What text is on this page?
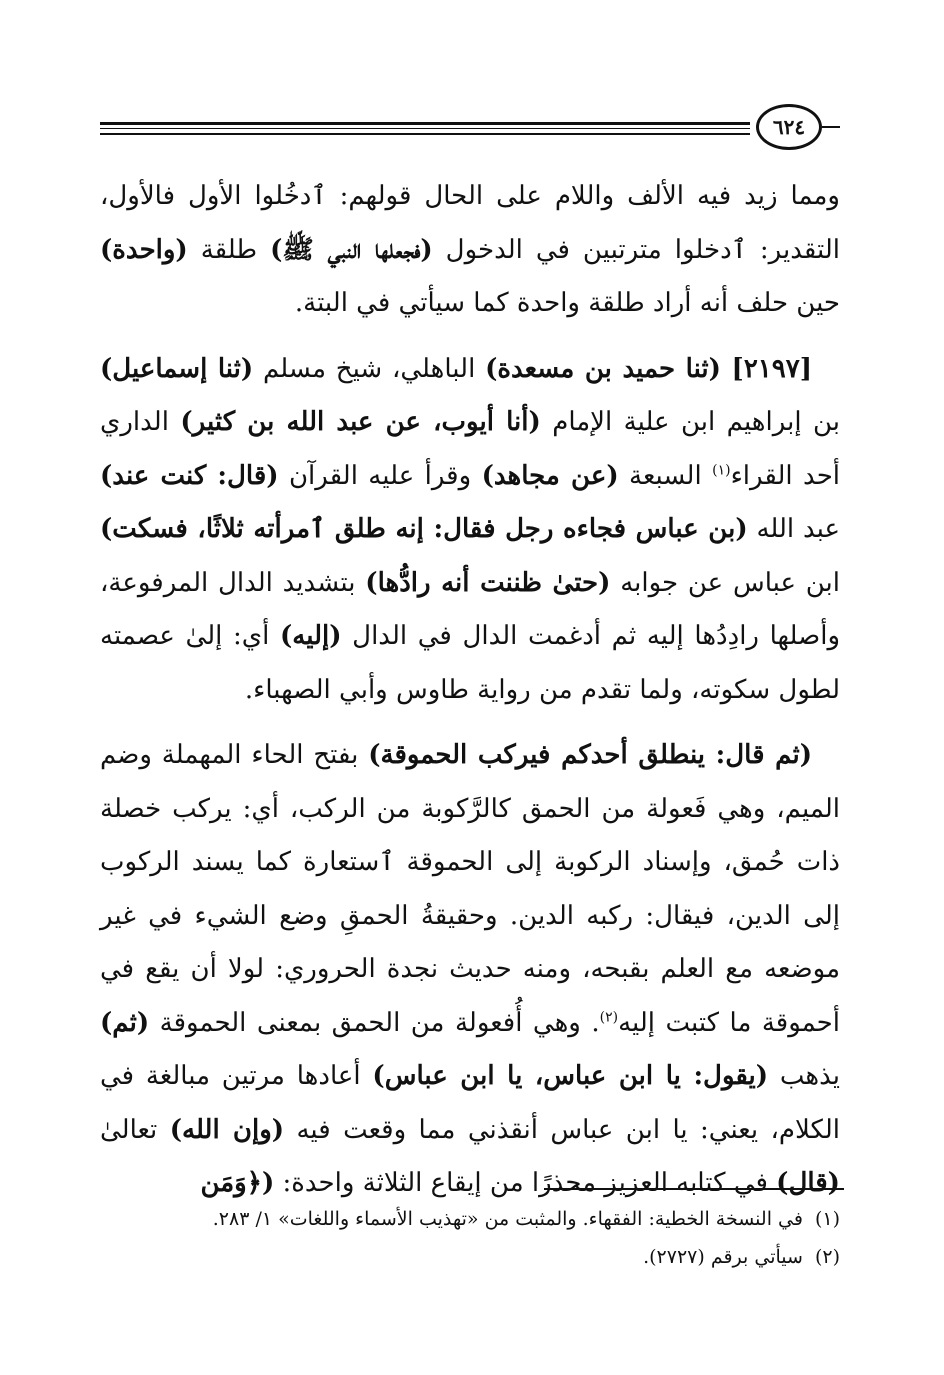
٦٢٤

ومما زيد فيه الألف واللام على الحال قولهم: ٱدخُلوا الأول فالأول، التقدير: ٱدخلوا مترتبين في الدخول (فجعلها النبي ﷺ) طلقة (واحدة) حين حلف أنه أراد طلقة واحدة كما سيأتي في البتة.

[٢١٩٧] (ثنا حميد بن مسعدة) الباهلي، شيخ مسلم (ثنا إسماعيل) بن إبراهيم ابن علية الإمام (أنا أيوب، عن عبد الله بن كثير) الداري أحد القراء$^{(١)}$ السبعة (عن مجاهد) وقرأ عليه القرآن (قال: كنت عند) عبد الله (بن عباس فجاءه رجل فقال: إنه طلق ٱمرأته ثلاثًا، فسكت) ابن عباس عن جوابه (حتىٰ ظننت أنه رادُّها) بتشديد الدال المرفوعة، وأصلها رادِدُها إليه ثم أدغمت الدال في الدال (إليه) أي: إلىٰ عصمته لطول سكوته، ولما تقدم من رواية طاوس وأبي الصهباء.

(ثم قال: ينطلق أحدكم فيركب الحموقة) بفتح الحاء المهملة وضم الميم، وهي فَعولة من الحمق كالرَّكوبة من الركب، أي: يركب خصلة ذات حُمق، وإسناد الركوبة إلى الحموقة ٱستعارة كما يسند الركوب إلى الدين، فيقال: ركبه الدين. وحقيقةُ الحمقِ وضع الشيء في غير موضعه مع العلم بقبحه، ومنه حديث نجدة الحروري: لولا أن يقع في أحموقة ما كتبت إليه$^{(٢)}$. وهي أُفعولة من الحمق بمعنى الحموقة (ثم) يذهب (يقول: يا ابن عباس، يا ابن عباس) أعادها مرتين مبالغة في الكلام، يعني: يا ابن عباس أنقذني مما وقعت فيه (وإن الله) تعالىٰ (قال) في كتابه العزيز محذرًا من إيقاع الثلاثة واحدة: (﴿وَمَن

(١)
في النسخة الخطية: الفقهاء. والمثبت من «تهذيب الأسماء واللغات» ١/ ٢٨٣.
(٢)
سيأتي برقم (٢٧٢٧).
